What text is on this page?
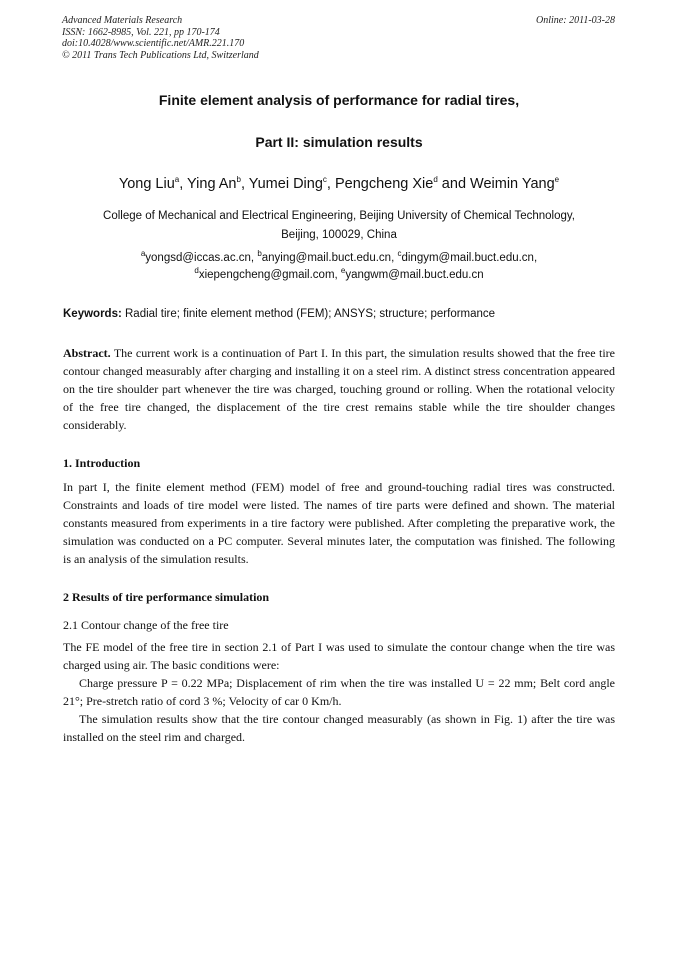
Advanced Materials Research
ISSN: 1662-8985, Vol. 221, pp 170-174
doi:10.4028/www.scientific.net/AMR.221.170
© 2011 Trans Tech Publications Ltd, Switzerland
Online: 2011-03-28
Finite element analysis of performance for radial tires,
Part II: simulation results
Yong Liu$^a$, Ying An$^b$, Yumei Ding$^c$, Pengcheng Xie$^d$ and Weimin Yang$^e$
College of Mechanical and Electrical Engineering, Beijing University of Chemical Technology,
Beijing, 100029, China
$^a$yongsd@iccas.ac.cn, $^b$anying@mail.buct.edu.cn, $^c$dingym@mail.buct.edu.cn,
$^d$xiepengcheng@gmail.com, $^e$yangwm@mail.buct.edu.cn
Keywords: Radial tire; finite element method (FEM); ANSYS; structure; performance
Abstract. The current work is a continuation of Part I. In this part, the simulation results showed that the free tire contour changed measurably after charging and installing it on a steel rim. A distinct stress concentration appeared on the tire shoulder part whenever the tire was charged, touching ground or rolling. When the rotational velocity of the free tire changed, the displacement of the tire crest remains stable while the tire shoulder changes considerably.
1. Introduction
In part I, the finite element method (FEM) model of free and ground-touching radial tires was constructed. Constraints and loads of tire model were listed. The names of tire parts were defined and shown. The material constants measured from experiments in a tire factory were published. After completing the preparative work, the simulation was conducted on a PC computer. Several minutes later, the computation was finished. The following is an analysis of the simulation results.
2 Results of tire performance simulation
2.1 Contour change of the free tire

The FE model of the free tire in section 2.1 of Part I was used to simulate the contour change when the tire was charged using air. The basic conditions were:

Charge pressure P = 0.22 MPa; Displacement of rim when the tire was installed U = 22 mm; Belt cord angle 21°; Pre-stretch ratio of cord 3 %; Velocity of car 0 Km/h.

The simulation results show that the tire contour changed measurably (as shown in Fig. 1) after the tire was installed on the steel rim and charged.
